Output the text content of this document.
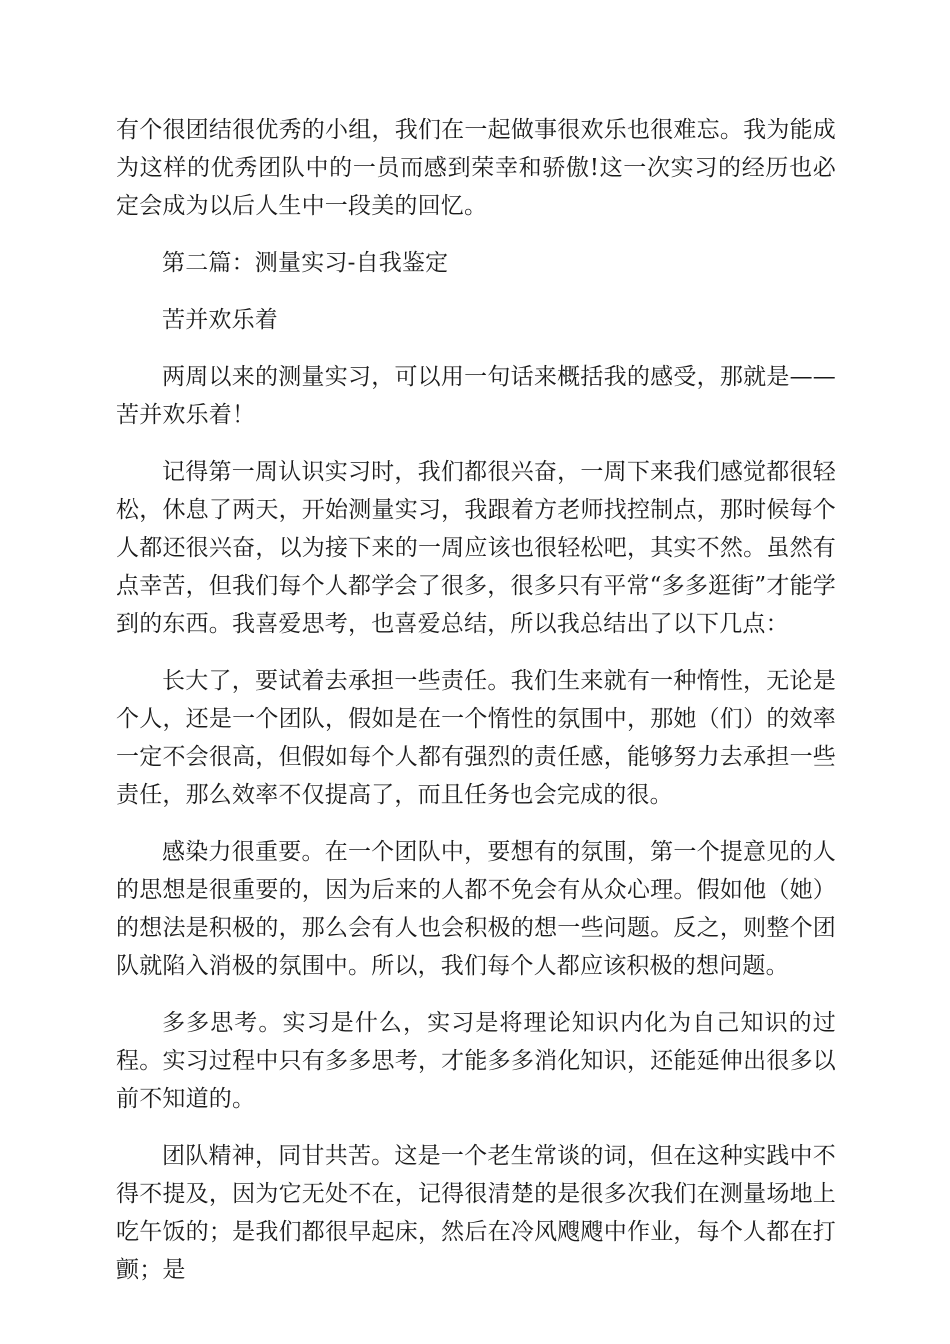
有个很团结很优秀的小组，我们在一起做事很欢乐也很难忘。我为能成为这样的优秀团队中的一员而感到荣幸和骄傲!这一次实习的经历也必定会成为以后人生中一段美的回忆。

第二篇：测量实习-自我鉴定

苦并欢乐着

两周以来的测量实习，可以用一句话来概括我的感受，那就是——苦并欢乐着！

记得第一周认识实习时，我们都很兴奋，一周下来我们感觉都很轻松，休息了两天，开始测量实习，我跟着方老师找控制点，那时候每个人都还很兴奋，以为接下来的一周应该也很轻松吧，其实不然。虽然有点幸苦，但我们每个人都学会了很多，很多只有平常“多多逛街”才能学到的东西。我喜爱思考，也喜爱总结，所以我总结出了以下几点：

长大了，要试着去承担一些责任。我们生来就有一种惰性，无论是个人，还是一个团队，假如是在一个惰性的氛围中，那她（们）的效率一定不会很高，但假如每个人都有强烈的责任感，能够努力去承担一些责任，那么效率不仅提高了，而且任务也会完成的很。

感染力很重要。在一个团队中，要想有的氛围，第一个提意见的人的思想是很重要的，因为后来的人都不免会有从众心理。假如他（她）的想法是积极的，那么会有人也会积极的想一些问题。反之，则整个团队就陷入消极的氛围中。所以，我们每个人都应该积极的想问题。

多多思考。实习是什么，实习是将理论知识内化为自己知识的过程。实习过程中只有多多思考，才能多多消化知识，还能延伸出很多以前不知道的。

团队精神，同甘共苦。这是一个老生常谈的词，但在这种实践中不得不提及，因为它无处不在，记得很清楚的是很多次我们在测量场地上吃午饭的；是我们都很早起床，然后在冷风飕飕中作业，每个人都在打颤；是
